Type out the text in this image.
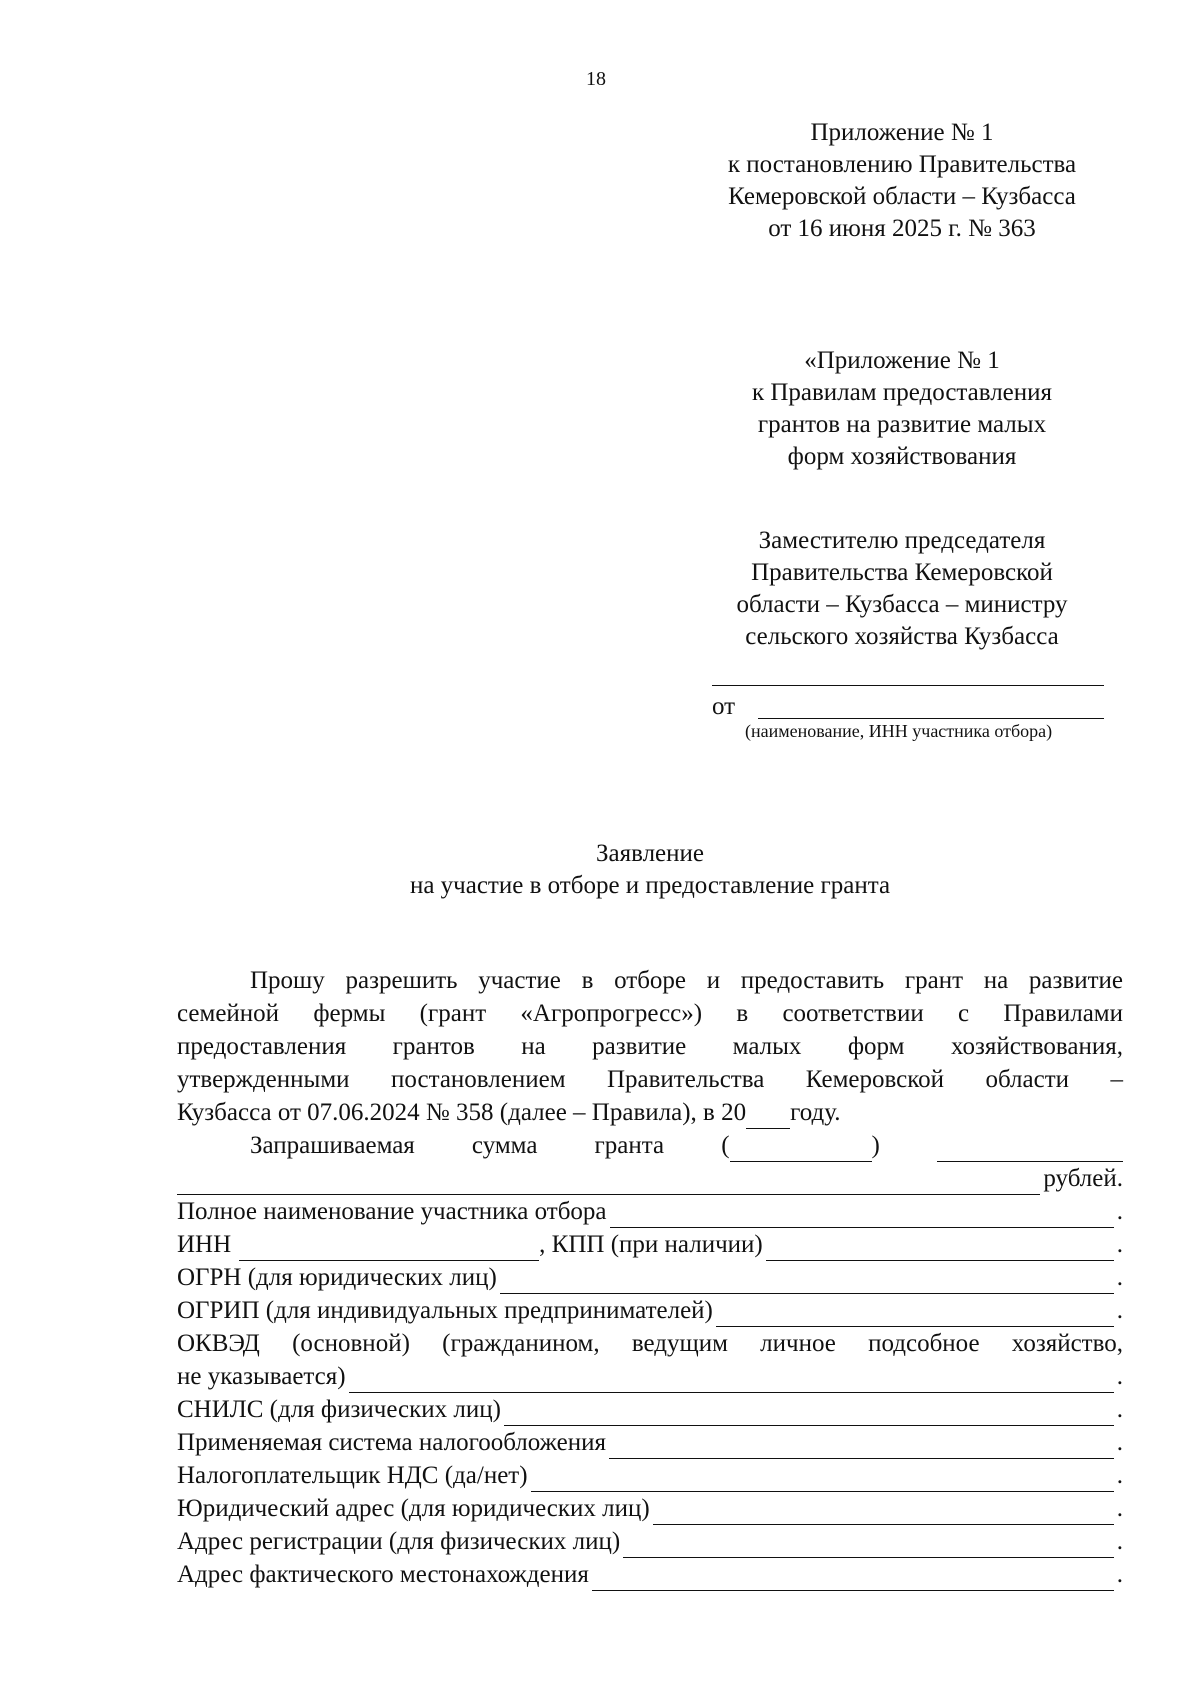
18
Приложение № 1
к постановлению Правительства
Кемеровской области – Кузбасса
от 16 июня 2025 г. № 363
«Приложение № 1
к Правилам предоставления
грантов на развитие малых
форм хозяйствования
Заместителю председателя
Правительства Кемеровской
области – Кузбасса – министру
сельского хозяйства Кузбасса
от
(наименование, ИНН участника отбора)
Заявление
на участие в отборе и предоставление гранта
Прошу разрешить участие в отборе и предоставить грант на развитие
семейной фермы (грант «Агропрогресс») в соответствии с Правилами
предоставления грантов на развитие малых форм хозяйствования,
утвержденными постановлением Правительства Кемеровской области –
Кузбасса от 07.06.2024 № 358 (далее – Правила), в 20 году.
Запрашиваемая сумма гранта (	)
рублей.
Полное наименование участника отбора	.
ИНН	, КПП (при наличии)	.
ОГРН (для юридических лиц)	.
ОГРИП (для индивидуальных предпринимателей)	.
ОКВЭД (основной) (гражданином, ведущим личное подсобное хозяйство,
не указывается)	.
СНИЛС (для физических лиц)	.
Применяемая система налогообложения	.
Налогоплательщик НДС (да/нет)	.
Юридический адрес (для юридических лиц)	.
Адрес регистрации (для физических лиц)	.
Адрес фактического местонахождения	.
